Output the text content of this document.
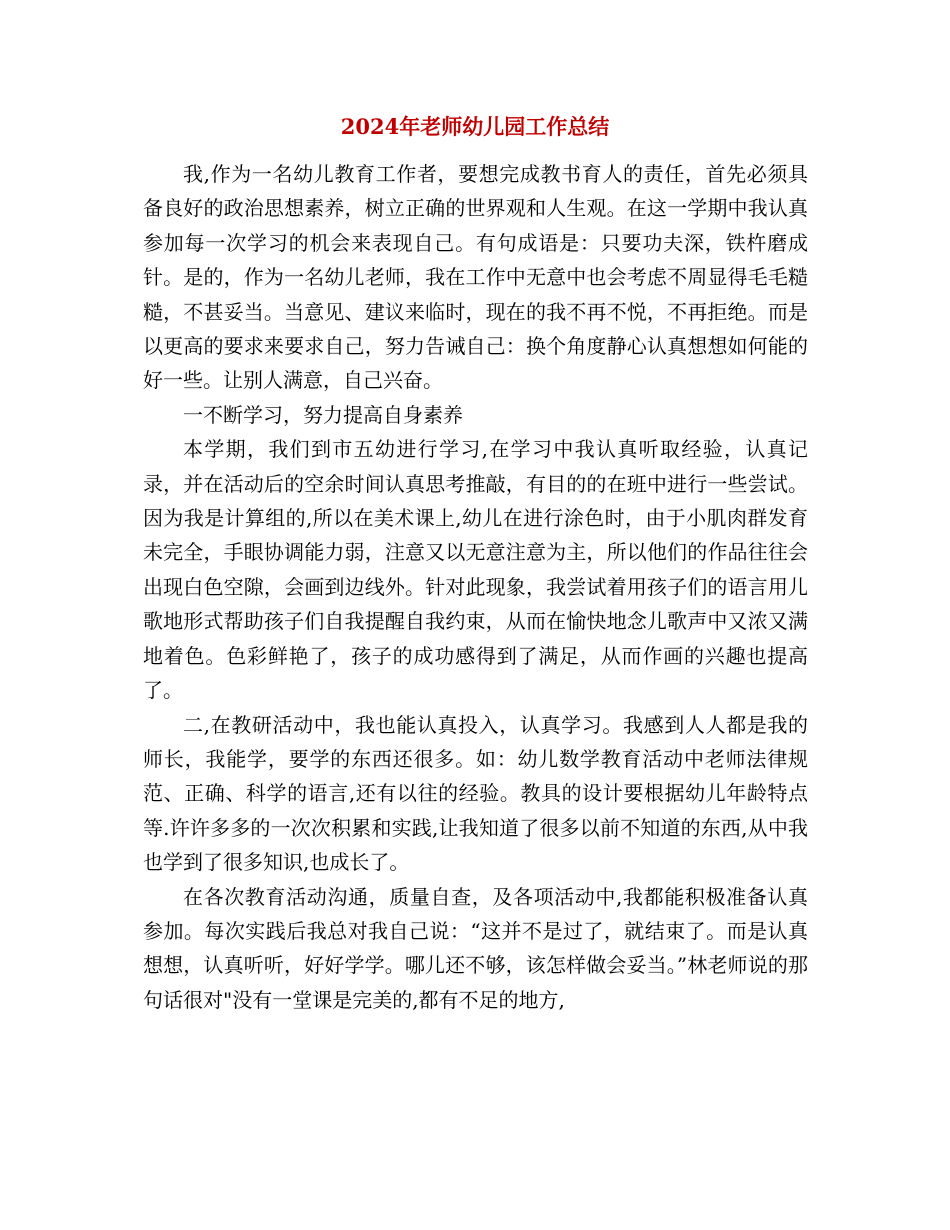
2024年老师幼儿园工作总结

我,作为一名幼儿教育工作者，要想完成教书育人的责任，首先必须具备良好的政治思想素养，树立正确的世界观和人生观。在这一学期中我认真参加每一次学习的机会来表现自己。有句成语是：只要功夫深，铁杵磨成针。是的，作为一名幼儿老师，我在工作中无意中也会考虑不周显得毛毛糙糙，不甚妥当。当意见、建议来临时，现在的我不再不悦，不再拒绝。而是以更高的要求来要求自己，努力告诫自己：换个角度静心认真想想如何能的好一些。让别人满意，自己兴奋。

一不断学习，努力提高自身素养

本学期，我们到市五幼进行学习,在学习中我认真听取经验，认真记录，并在活动后的空余时间认真思考推敲，有目的的在班中进行一些尝试。因为我是计算组的,所以在美术课上,幼儿在进行涂色时，由于小肌肉群发育未完全，手眼协调能力弱，注意又以无意注意为主，所以他们的作品往往会出现白色空隙，会画到边线外。针对此现象，我尝试着用孩子们的语言用儿歌地形式帮助孩子们自我提醒自我约束，从而在愉快地念儿歌声中又浓又满地着色。色彩鲜艳了，孩子的成功感得到了满足，从而作画的兴趣也提高了。

二,在教研活动中，我也能认真投入，认真学习。我感到人人都是我的师长，我能学，要学的东西还很多。如：幼儿数学教育活动中老师法律规范、正确、科学的语言,还有以往的经验。教具的设计要根据幼儿年龄特点等.许许多多的一次次积累和实践,让我知道了很多以前不知道的东西,从中我也学到了很多知识,也成长了。

在各次教育活动沟通，质量自查，及各项活动中,我都能积极准备认真参加。每次实践后我总对我自己说：“这并不是过了，就结束了。而是认真想想，认真听听，好好学学。哪儿还不够，该怎样做会妥当。”林老师说的那句话很对"没有一堂课是完美的,都有不足的地方,
